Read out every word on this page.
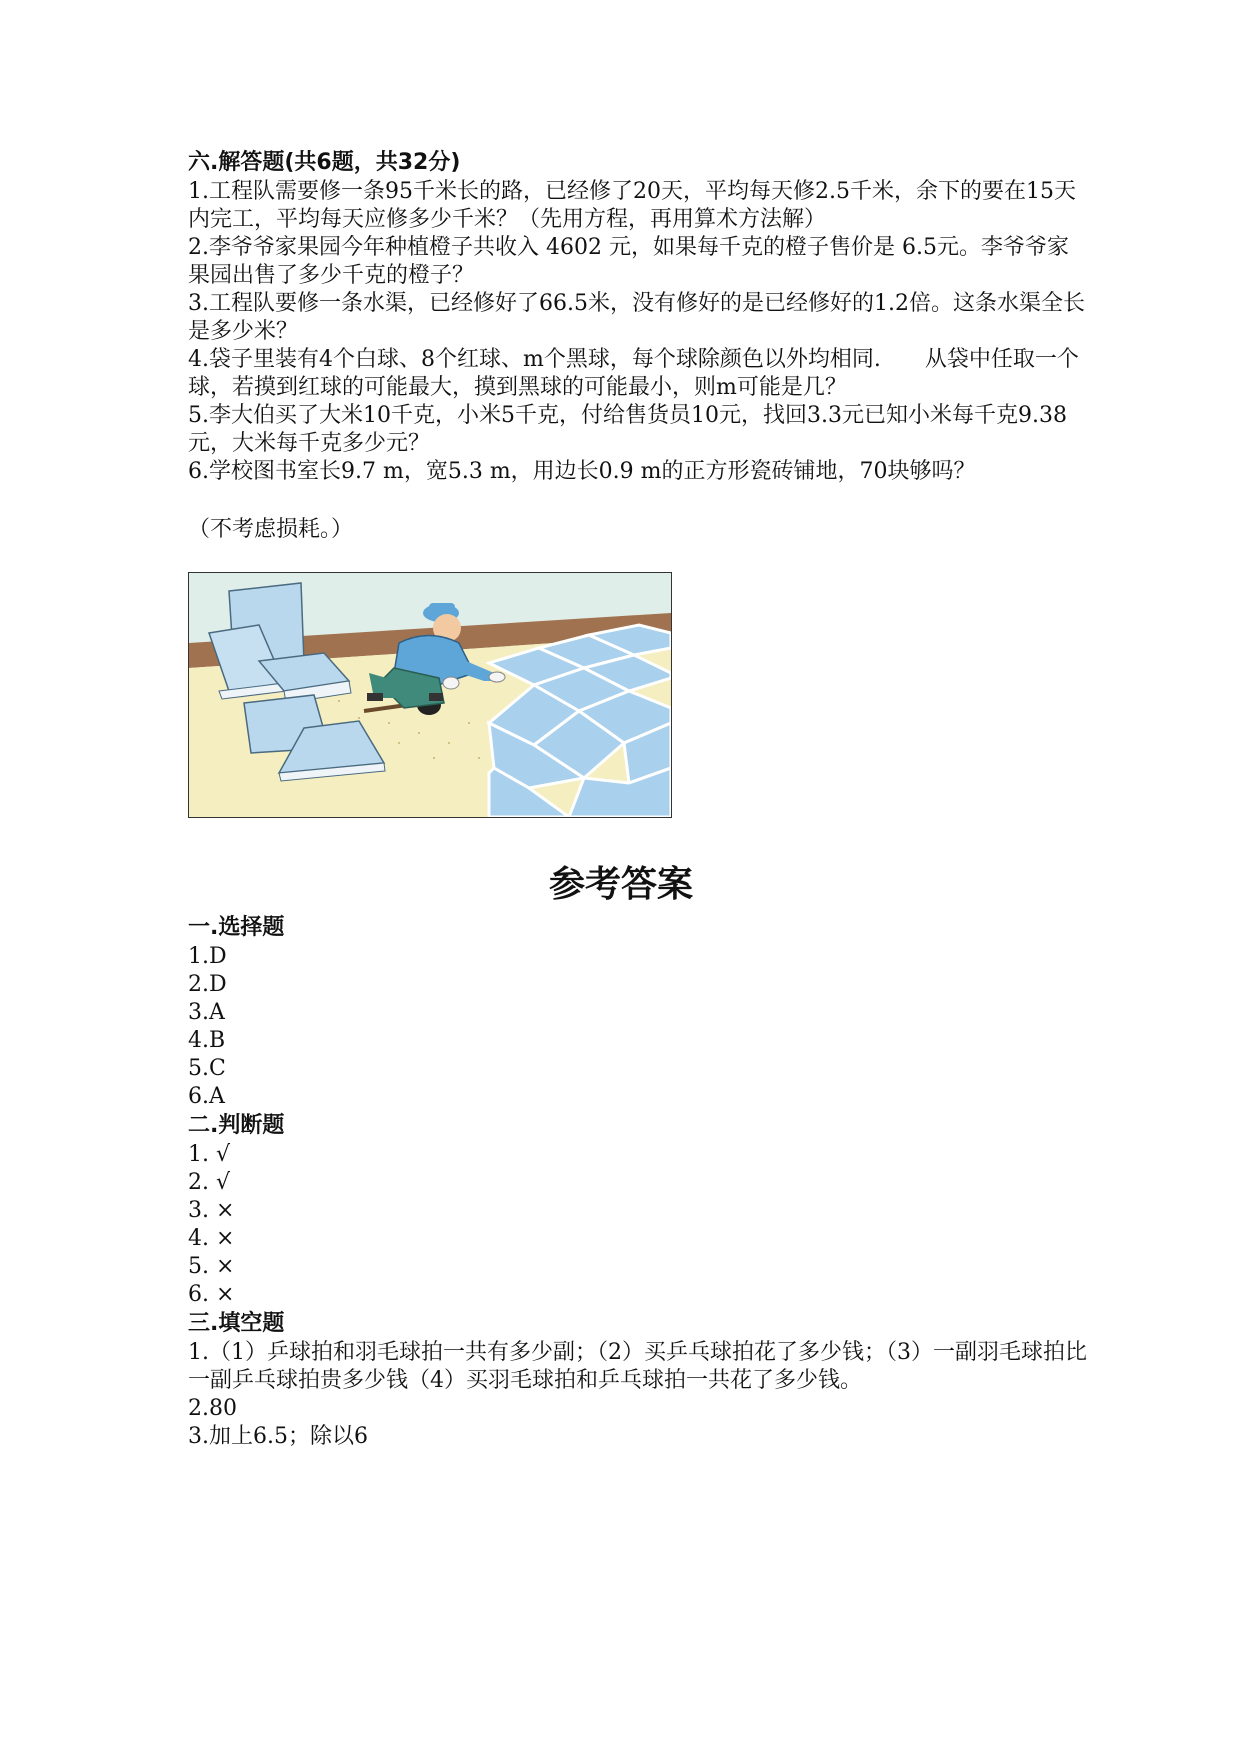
六.解答题(共6题，共32分)

1.工程队需要修一条95千米长的路，已经修了20天，平均每天修2.5千米，余下的要在15天内完工，平均每天应修多少千米？（先用方程，再用算术方法解）

2.李爷爷家果园今年种植橙子共收入 4602 元，如果每千克的橙子售价是 6.5元。李爷爷家果园出售了多少千克的橙子？

3.工程队要修一条水渠，已经修好了66.5米，没有修好的是已经修好的1.2倍。这条水渠全长是多少米？

4.袋子里装有4个白球、8个红球、m个黑球，每个球除颜色以外均相同.　　从袋中任取一个球，若摸到红球的可能最大，摸到黑球的可能最小，则m可能是几？

5.李大伯买了大米10千克，小米5千克，付给售货员10元，找回3.3元已知小米每千克9.38元，大米每千克多少元？

6.学校图书室长9.7 m，宽5.3 m，用边长0.9 m的正方形瓷砖铺地，70块够吗？

（不考虑损耗。）

参考答案

一.选择题

1.D

2.D

3.A

4.B

5.C

6.A

二.判断题

1. √

2. √

3. ×

4. ×

5. ×

6. ×

三.填空题

1.（1）乒球拍和羽毛球拍一共有多少副；（2）买乒乓球拍花了多少钱；（3）一副羽毛球拍比一副乒乓球拍贵多少钱（4）买羽毛球拍和乒乓球拍一共花了多少钱。

2.80

3.加上6.5；除以6
